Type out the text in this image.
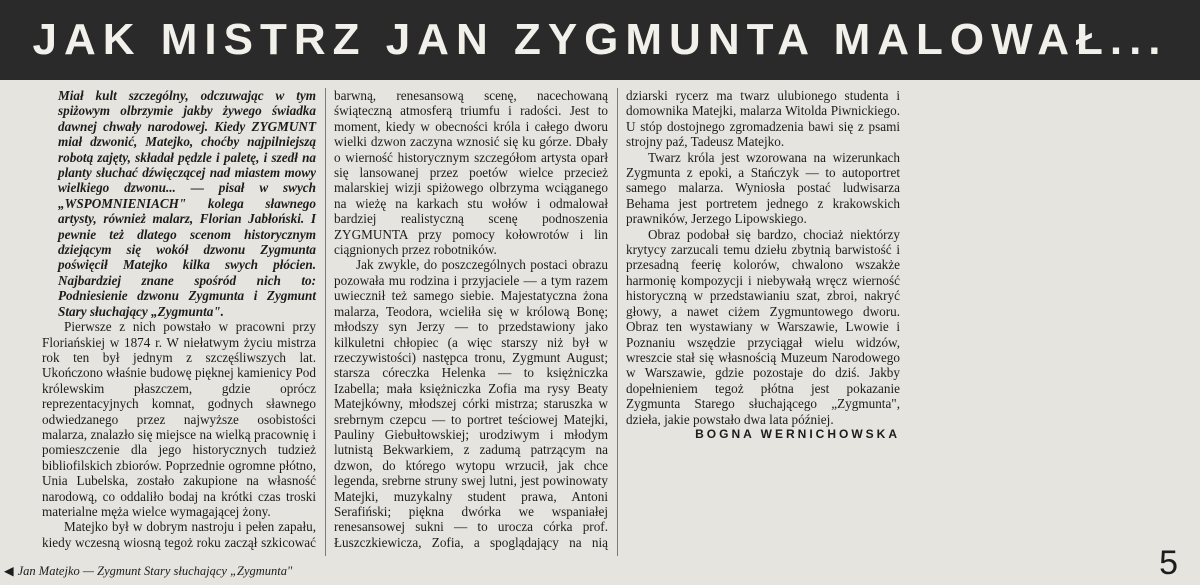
JAK MISTRZ JAN ZYGMUNTA MALOWAŁ...

Miał kult szczególny, odczuwając w tym spiżowym olbrzymie jakby żywego świadka dawnej chwały narodowej. Kiedy ZYGMUNT miał dzwonić, Matejko, choćby najpilniejszą robotą zajęty, składał pędzle i paletę, i szedł na planty słuchać dźwięczącej nad miastem mowy wielkiego dzwonu... — pisał w swych „WSPOMNIENIACH" kolega sławnego artysty, również malarz, Florian Jabłoński. I pewnie też dlatego scenom historycznym dziejącym się wokół dzwonu Zygmunta poświęcił Matejko kilka swych płócien. Najbardziej znane spośród nich to: Podniesienie dzwonu Zygmunta i Zygmunt Stary słuchający „Zygmunta".

Pierwsze z nich powstało w pracowni przy Floriańskiej w 1874 r. W niełatwym życiu mistrza rok ten był jednym z szczęśliwszych lat. Ukończono właśnie budowę pięknej kamienicy Pod królewskim płaszczem, gdzie oprócz reprezentacyjnych komnat, godnych sławnego odwiedzanego przez najwyższe osobistości malarza, znalazło się miejsce na wielką pracownię i pomieszczenie dla jego historycznych tudzież bibliofilskich zbiorów. Poprzednie ogromne płótno, Unia Lubelska, zostało zakupione na własność narodową, co oddaliło bodaj na krótki czas troski materialne męża wielce wymagającej żony.

Matejko był w dobrym nastroju i pełen zapału, kiedy wczesną wiosną tegoż roku zaczął szkicować barwną, renesansową scenę, nacechowaną świąteczną atmosferą triumfu i radości. Jest to moment, kiedy w obecności króla i całego dworu wielki dzwon zaczyna wznosić się ku górze. Dbały o wierność historycznym szczegółom artysta oparł się lansowanej przez poetów wielce przecież malarskiej wizji spiżowego olbrzyma wciąganego na wieżę na karkach stu wołów i odmalował bardziej realistyczną scenę podnoszenia ZYGMUNTA przy pomocy kołowrotów i lin ciągnionych przez robotników.

Jak zwykle, do poszczególnych postaci obrazu pozowała mu rodzina i przyjaciele — a tym razem uwiecznił też samego siebie. Majestatyczna żona malarza, Teodora, wcieliła się w królową Bonę; młodszy syn Jerzy — to przedstawiony jako kilkuletni chłopiec (a więc starszy niż był w rzeczywistości) następca tronu, Zygmunt August; starsza córeczka Helenka — to księżniczka Izabella; mała księżniczka Zofia ma rysy Beaty Matejkówny, młodszej córki mistrza; staruszka w srebrnym czepcu — to portret teściowej Matejki, Pauliny Giebułtowskiej; urodziwym i młodym lutnistą Bekwarkiem, z zadumą patrzącym na dzwon, do którego wytopu wrzucił, jak chce legenda, srebrne struny swej lutni, jest powinowaty Matejki, muzykalny student prawa, Antoni Serafiński; piękna dwórka we wspaniałej renesansowej sukni — to urocza córka prof. Łuszczkiewicza, Zofia, a spoglądający na nią dziarski rycerz ma twarz ulubionego studenta i domownika Matejki, malarza Witolda Piwnickiego. U stóp dostojnego zgromadzenia bawi się z psami strojny paź, Tadeusz Matejko.

Twarz króla jest wzorowana na wizerunkach Zygmunta z epoki, a Stańczyk — to autoportret samego malarza. Wyniosła postać ludwisarza Behama jest portretem jednego z krakowskich prawników, Jerzego Lipowskiego.

Obraz podobał się bardzo, chociaż niektórzy krytycy zarzucali temu dziełu zbytnią barwistość i przesadną feerię kolorów, chwalono wszakże harmonię kompozycji i niebywałą wręcz wierność historyczną w przedstawianiu szat, zbroi, nakryć głowy, a nawet ciżem Zygmuntowego dworu. Obraz ten wystawiany w Warszawie, Lwowie i Poznaniu wszędzie przyciągał wielu widzów, wreszcie stał się własnością Muzeum Narodowego w Warszawie, gdzie pozostaje do dziś. Jakby dopełnieniem tegoż płótna jest pokazanie Zygmunta Starego słuchającego „Zygmunta", dzieła, jakie powstało dwa lata później.

BOGNA WERNICHOWSKA

◀ Jan Matejko — Zygmunt Stary słuchający „Zygmunta"	5
